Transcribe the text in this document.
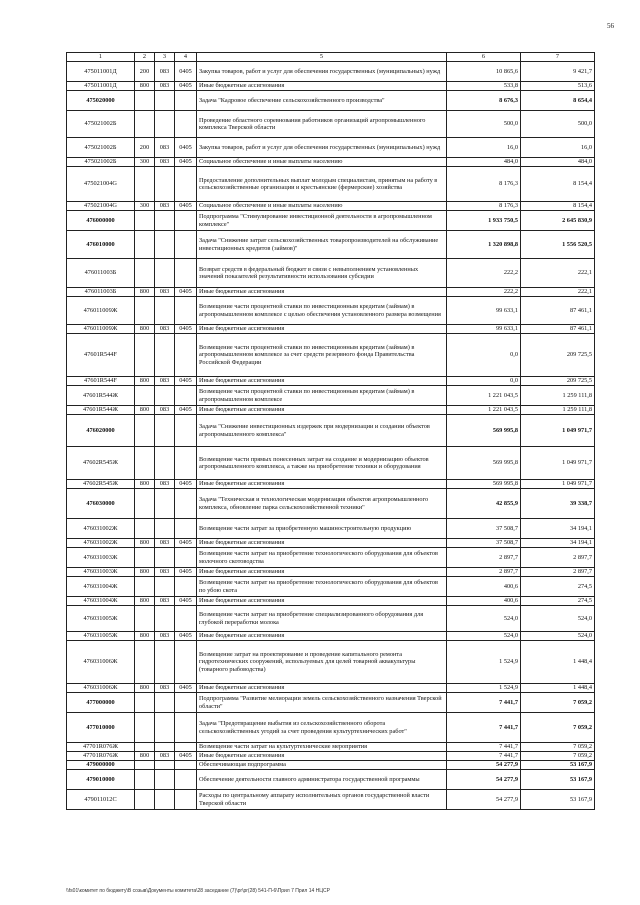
56
1	2	3	4	5	6	7
475011001Д	200	083	0405	Закупка товаров, работ и услуг для обеспечения государственных (муниципальных) нужд	10 865,6	9 421,7
475011001Д	800	083	0405	Иные бюджетные ассигнования	533,8	513,6
475020000				Задача "Кадровое обеспечение сельскохозяйственного производства"	8 676,3	8 654,4
475021002Б				Проведение областного соревнования работников организаций агропромышленного комплекса Тверской области	500,0	500,0
475021002Б	200	083	0405	Закупка товаров, работ и услуг для обеспечения государственных (муниципальных) нужд	16,0	16,0
475021002Б	300	083	0405	Социальное обеспечение и иные выплаты населению	484,0	484,0
475021004G				Предоставление дополнительных выплат молодым специалистам, принятым на работу в сельскохозяйственные организации и крестьянские (фермерские) хозяйства	8 176,3	8 154,4
475021004G	300	083	0405	Социальное обеспечение и иные выплаты населению	8 176,3	8 154,4
476000000				Подпрограмма "Стимулирование инвестиционной деятельности в агропромышленном комплексе"	1 933 750,5	2 645 830,9
476010000				Задача "Снижение затрат сельскохозяйственных товаропроизводителей на обслуживание инвестиционных кредитов (займов)"	1 320 898,8	1 556 520,5
476011003Б				Возврат средств в федеральный бюджет в связи с невыполнением установленных значений показателей результативности использования субсидии	222,2	222,1
476011003Б	800	083	0405	Иные бюджетные ассигнования	222,2	222,1
476011009Ж				Возмещение части процентной ставки по инвестиционным кредитам (займам) в агропромышленном комплексе с целью обеспечения установленного размера возмещения	99 633,1	87 461,1
476011009Ж	800	083	0405	Иные бюджетные ассигнования	99 633,1	87 461,1
47601R544F				Возмещение части процентной ставки по инвестиционным кредитам (займам) в агропромышленном комплексе за счет средств резервного фонда Правительства Российской Федерации	0,0	209 725,5
47601R544F	800	083	0405	Иные бюджетные ассигнования	0,0	209 725,5
47601R544Ж				Возмещение части процентной ставки по инвестиционным кредитам (займам) в агропромышленном комплексе	1 221 043,5	1 259 111,8
47601R544Ж	800	083	0405	Иные бюджетные ассигнования	1 221 043,5	1 259 111,8
476020000				Задача "Снижение инвестиционных издержек при модернизации и создании объектов агропромышленного комплекса"	569 995,8	1 049 971,7
47602R545Ж				Возмещение части прямых понесенных затрат на создание и модернизацию объектов агропромышленного комплекса, а также на приобретение техники и оборудования	569 995,8	1 049 971,7
47602R545Ж	800	083	0405	Иные бюджетные ассигнования	569 995,8	1 049 971,7
476030000				Задача "Техническая и технологическая модернизация объектов агропромышленного комплекса, обновление парка сельскохозяйственной техники"	42 855,9	39 338,7
476031002Ж				Возмещение части затрат за приобретенную машиностроительную продукцию	37 508,7	34 194,1
476031002Ж	800	083	0405	Иные бюджетные ассигнования	37 508,7	34 194,1
476031003Ж				Возмещение части затрат на приобретение технологического оборудования для объектов молочного скотоводства	2 897,7	2 897,7
476031003Ж	800	083	0405	Иные бюджетные ассигнования	2 897,7	2 897,7
476031004Ж				Возмещение части затрат на приобретение технологического оборудования для объектов по убою скота	400,6	274,5
476031004Ж	800	083	0405	Иные бюджетные ассигнования	400,6	274,5
476031005Ж				Возмещение части затрат на приобретение специализированного оборудования для глубокой переработки молока	524,0	524,0
476031005Ж	800	083	0405	Иные бюджетные ассигнования	524,0	524,0
476031006Ж				Возмещение затрат на проектирование и проведение капитального ремонта гидротехнических сооружений, используемых для целей товарной аквакультуры (товарного рыбоводства)	1 524,9	1 448,4
476031006Ж	800	083	0405	Иные бюджетные ассигнования	1 524,9	1 448,4
477000000				Подпрограмма "Развитие мелиорации земель сельскохозяйственного назначения Тверской области"	7 441,7	7 059,2
477010000				Задача "Предотвращение выбытия из сельскохозяйственного оборота сельскохозяйственных угодий за счет проведения культуртехнических работ"	7 441,7	7 059,2
47701R076Ж				Возмещение части затрат на культуртехнические мероприятия	7 441,7	7 059,2
47701R076Ж	800	083	0405	Иные бюджетные ассигнования	7 441,7	7 059,2
479000000				Обеспечивающая подпрограмма	54 277,9	53 167,9
479010000				Обеспечение деятельности главного администратора государственной программы	54 277,9	53 167,9
479011012С				Расходы по центральному аппарату исполнительных органов государственной власти Тверской области	54 277,9	53 167,9
\\fs01\комитет по бюджету\В созыв\Документы комитета\28 заседание (7)\pr\pr(28) 541-П-6\Прил 7 Прил 14 НЦСР
